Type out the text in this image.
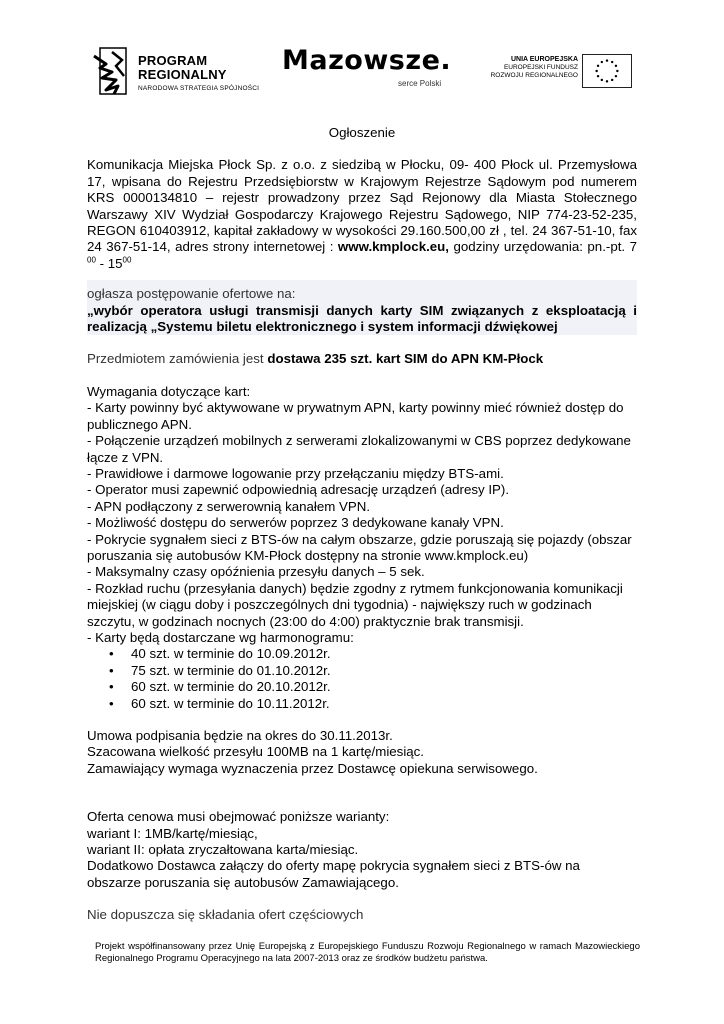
PROGRAM
REGIONALNY
NARODOWA STRATEGIA SPÓJNOŚCI
Mazowsze.
serce Polski
UNIA EUROPEJSKA
EUROPEJSKI FUNDUSZ
ROZWOJU REGIONALNEGO

Ogłoszenie

Komunikacja Miejska Płock Sp. z o.o. z siedzibą w Płocku, 09- 400 Płock ul. Przemysłowa 17, wpisana do Rejestru Przedsiębiorstw w Krajowym Rejestrze Sądowym pod numerem KRS 0000134810 – rejestr prowadzony przez Sąd Rejonowy dla Miasta Stołecznego Warszawy XIV Wydział Gospodarczy Krajowego Rejestru Sądowego, NIP 774-23-52-235, REGON 610403912, kapitał zakładowy w wysokości 29.160.500,00 zł , tel. 24 367-51-10, fax 24 367-51-14, adres strony internetowej : www.kmplock.eu, godziny urzędowania: pn.-pt. 7 $^{00} - 15^{00}$

ogłasza postępowanie ofertowe na:

„wybór operatora usługi transmisji danych karty SIM związanych z eksploatacją i realizacją „Systemu biletu elektronicznego i system informacji dźwiękowej

Przedmiotem zamówienia jest dostawa 235 szt. kart SIM do APN KM-Płock

Wymagania dotyczące kart:

- Karty powinny być aktywowane w prywatnym APN, karty powinny mieć również dostęp do publicznego APN.

- Połączenie urządzeń mobilnych z serwerami zlokalizowanymi w CBS poprzez dedykowane łącze z VPN.

- Prawidłowe i darmowe logowanie przy przełączaniu między BTS-ami.

- Operator musi zapewnić odpowiednią adresację urządzeń (adresy IP).

- APN podłączony z serwerownią kanałem VPN.

- Możliwość dostępu do serwerów poprzez 3 dedykowane kanały VPN.

- Pokrycie sygnałem sieci z BTS-ów na całym obszarze, gdzie poruszają się pojazdy (obszar poruszania się autobusów KM-Płock dostępny na stronie www.kmplock.eu)

- Maksymalny czasy opóźnienia przesyłu danych – 5 sek.

- Rozkład ruchu (przesyłania danych) będzie zgodny z rytmem funkcjonowania komunikacji miejskiej (w ciągu doby i poszczególnych dni tygodnia) - największy ruch w godzinach szczytu, w godzinach nocnych (23:00 do 4:00) praktycznie brak transmisji.

- Karty będą dostarczane wg harmonogramu:

• 40 szt. w terminie do 10.09.2012r.
• 75 szt. w terminie do 01.10.2012r.
• 60 szt. w terminie do 20.10.2012r.
• 60 szt. w terminie do 10.11.2012r.

Umowa podpisania będzie na okres do 30.11.2013r.

Szacowana wielkość przesyłu 100MB na 1 kartę/miesiąc.

Zamawiający wymaga wyznaczenia przez Dostawcę opiekuna serwisowego.

Oferta cenowa musi obejmować poniższe warianty:

wariant I: 1MB/kartę/miesiąc,

wariant II: opłata zryczałtowana karta/miesiąc.

Dodatkowo Dostawca załączy do oferty mapę pokrycia sygnałem sieci z BTS-ów na obszarze poruszania się autobusów Zamawiającego.

Nie dopuszcza się składania ofert częściowych

Projekt współfinansowany przez Unię Europejską z Europejskiego Funduszu Rozwoju Regionalnego w ramach Mazowieckiego Regionalnego Programu Operacyjnego na lata 2007-2013 oraz ze środków budżetu państwa.
